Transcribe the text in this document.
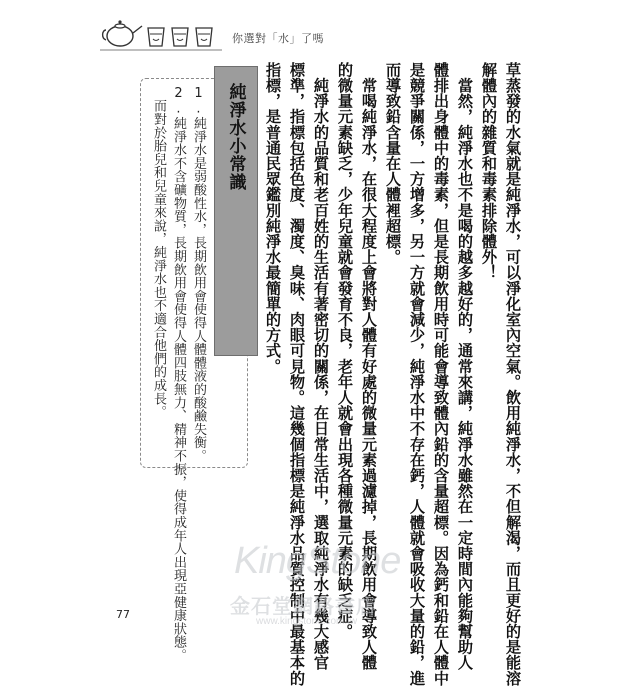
你選對「水」了嗎
草蒸發的水氣就是純淨水，可以淨化室內空氣。飲用純淨水，不但解渴，而且更好的是能溶
解體內的雜質和毒素排除體外！
　當然，純淨水也不是喝的越多越好的，通常來講，純淨水雖然在一定時間內能夠幫助人
體排出身體中的毒素，但是長期飲用時可能會導致體內鉛的含量超標。因為鈣和鉛在人體中
是競爭關係，一方增多，另一方就會減少，純淨水中不存在鈣，人體就會吸收大量的鉛，進
而導致鉛含量在人體裡超標。
　常喝純淨水，在很大程度上會將對人體有好處的微量元素過濾掉，長期飲用會導致人體
的微量元素缺乏，少年兒童就會發育不良，老年人就會出現各種微量元素的缺乏症。
　純淨水的品質和老百姓的生活有著密切的關係，在日常生活中，選取純淨水有幾大感官
標準，指標包括色度、濁度、臭味、肉眼可見物。這幾個指標是純淨水品質控制中最基本的
指標，是普通民眾鑑別純淨水最簡單的方式。
純淨水小常識
1.純淨水是弱酸性水，長期飲用會使得人體體液的酸鹼失衡。
2.純淨水不含礦物質，長期飲用會使得人體四肢無力、精神不振，使得成年人出現亞健康狀態。
　而對於胎兒和兒童來說，純淨水也不適合他們的成長。
KingStone
金石堂網路書店
www.kingstone.com.tw
77
